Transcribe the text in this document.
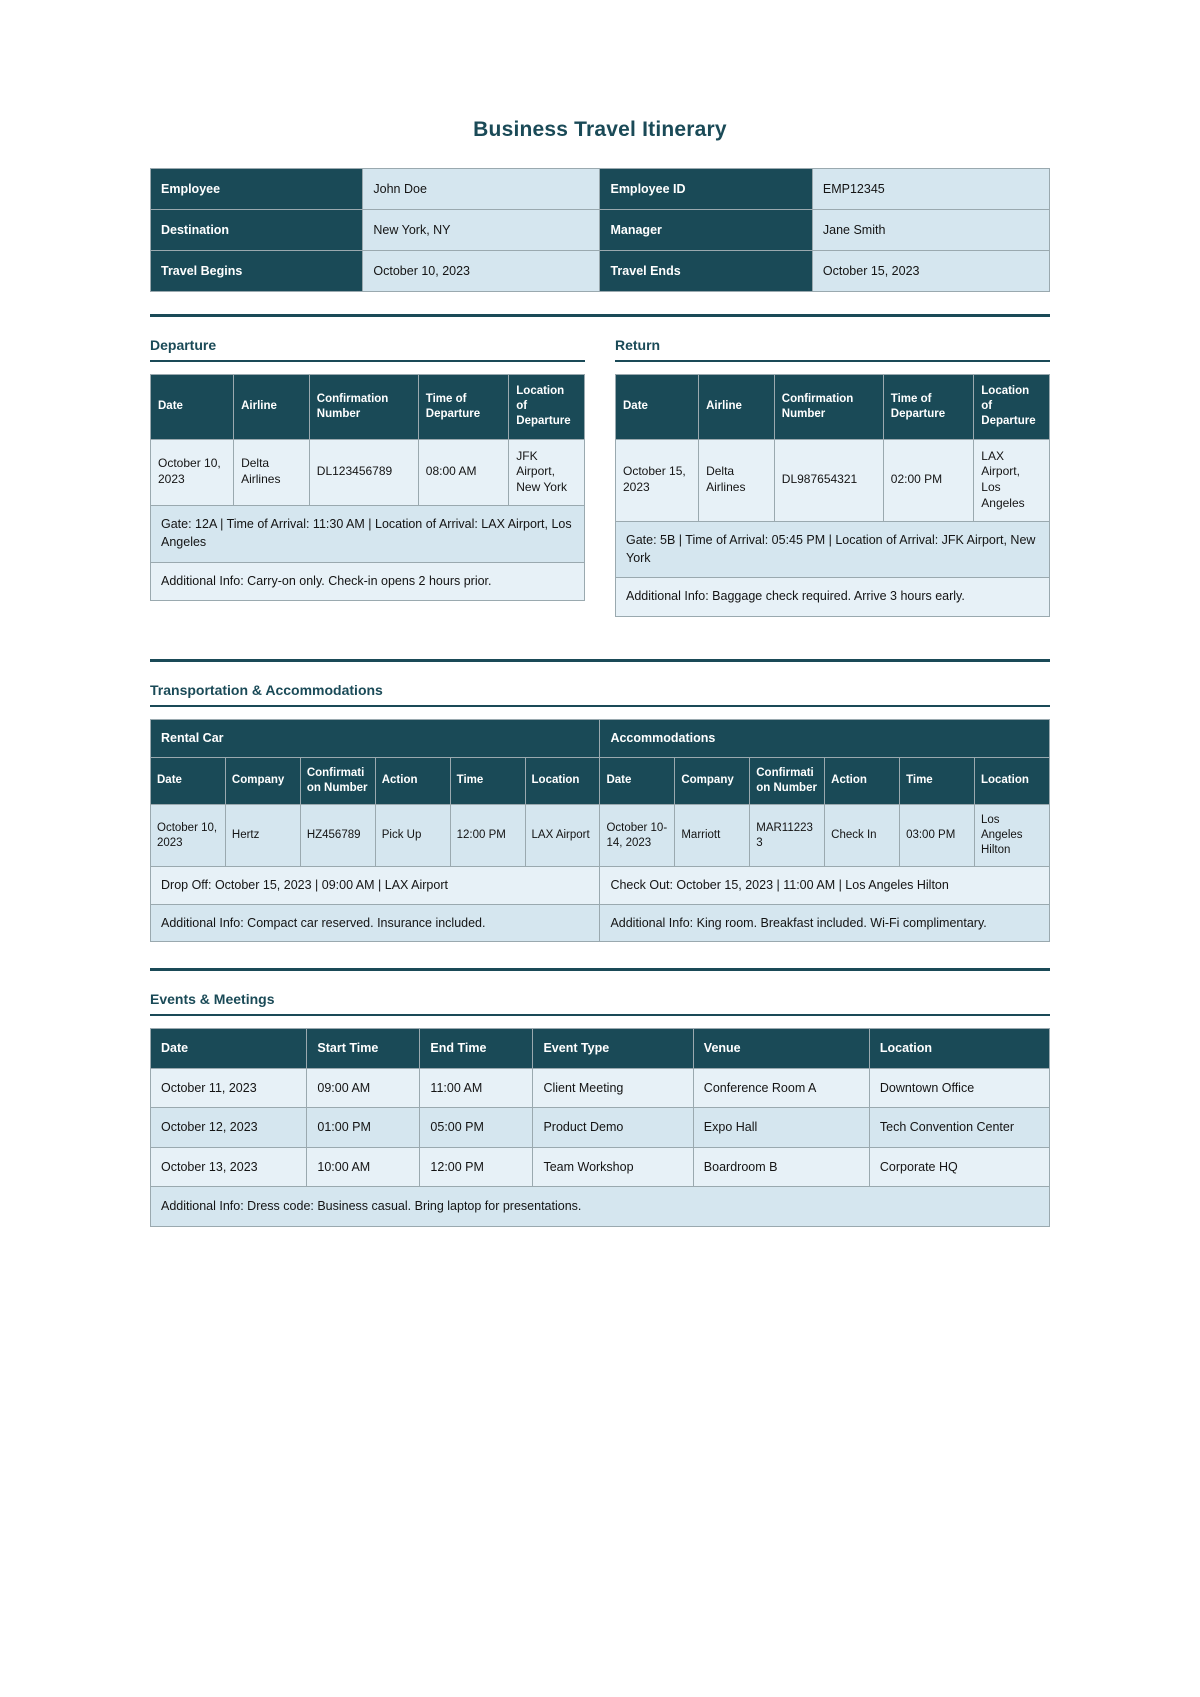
Business Travel Itinerary
Employee	John Doe	Employee ID	EMP12345
Destination	New York, NY	Manager	Jane Smith
Travel Begins	October 10, 2023	Travel Ends	October 15, 2023
Departure
Date	Airline	Confirmation Number	Time of Departure	Location of Departure
October 10, 2023	Delta Airlines	DL123456789	08:00 AM	JFK Airport, New York
Gate: 12A | Time of Arrival: 11:30 AM | Location of Arrival: LAX Airport, Los Angeles				
Additional Info: Carry-on only. Check-in opens 2 hours prior.				
Return
Date	Airline	Confirmation Number	Time of Departure	Location of Departure
October 15, 2023	Delta Airlines	DL987654321	02:00 PM	LAX Airport, Los Angeles
Gate: 5B | Time of Arrival: 05:45 PM | Location of Arrival: JFK Airport, New York				
Additional Info: Baggage check required. Arrive 3 hours early.				
Transportation & Accommodations
Rental Car						Accommodations					
Date	Company	Confirmation Number	Action	Time	Location	Date	Company	Confirmation Number	Action	Time	Location
October 10, 2023	Hertz	HZ456789	Pick Up	12:00 PM	LAX Airport	October 10-14, 2023	Marriott	MAR112233	Check In	03:00 PM	Los Angeles Hilton
Drop Off: October 15, 2023 | 09:00 AM | LAX Airport						Check Out: October 15, 2023 | 11:00 AM | Los Angeles Hilton					
Additional Info: Compact car reserved. Insurance included.						Additional Info: King room. Breakfast included. Wi-Fi complimentary.					
Events & Meetings
Date	Start Time	End Time	Event Type	Venue	Location
October 11, 2023	09:00 AM	11:00 AM	Client Meeting	Conference Room A	Downtown Office
October 12, 2023	01:00 PM	05:00 PM	Product Demo	Expo Hall	Tech Convention Center
October 13, 2023	10:00 AM	12:00 PM	Team Workshop	Boardroom B	Corporate HQ
Additional Info: Dress code: Business casual. Bring laptop for presentations.					
